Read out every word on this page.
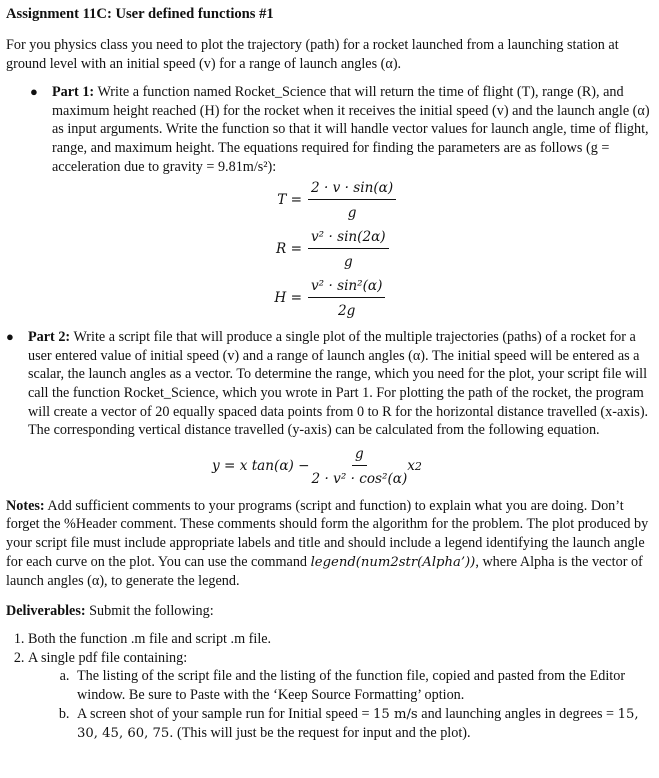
Assignment 11C: User defined functions #1

For you physics class you need to plot the trajectory (path) for a rocket launched from a launching station at ground level with an initial speed (v) for a range of launch angles (α).

● Part 1: Write a function named Rocket_Science that will return the time of flight (T), range (R), and maximum height reached (H) for the rocket when it receives the initial speed (v) and the launch angle (α) as input arguments. Write the function so that it will handle vector values for launch angle, time of flight, range, and maximum height. The equations required for finding the parameters are as follows (g = acceleration due to gravity = 9.81m/s²):

$T = \frac{2 \cdot v \cdot \sin(\alpha)}{g}$
$R = \frac{\text{v² · sin(2α)}}{g}$
$H = \frac{\text{v² · sin²(α)}}{2g}$
● Part 2: Write a script file that will produce a single plot of the multiple trajectories (paths) of a rocket for a user entered value of initial speed (v) and a range of launch angles (α). The initial speed will be entered as a scalar, the launch angles as a vector. To determine the range, which you need for the plot, your script file will call the function Rocket_Science, which you wrote in Part 1. For plotting the path of the rocket, the program will create a vector of 20 equally spaced data points from 0 to R for the horizontal distance travelled (x-axis). The corresponding vertical distance travelled (y-axis) can be calculated from the following equation.

y = x $\tan(\alpha) - \frac{g}{\text{2 · v² · cos²(α)}}$ x 2

Notes: Add sufficient comments to your programs (script and function) to explain what you are doing. Don’t forget the %Header comment. These comments should form the algorithm for the problem. The plot produced by your script file must include appropriate labels and title and should include a legend identifying the launch angle for each curve on the plot. You can use the command legend(num2str(Alpha’)), where Alpha is the vector of launch angles (α), to generate the legend.

Deliverables: Submit the following:

1. Both the function .m file and script .m file.
2. A single pdf file containing:
a. The listing of the script file and the listing of the function file, copied and pasted from the Editor window. Be sure to Paste with the ‘Keep Source Formatting’ option.
b. A screen shot of your sample run for Initial speed = 15 m/s and launching angles in degrees = 15, 30, 45, 60, 75. (This will just be the request for input and the plot).
